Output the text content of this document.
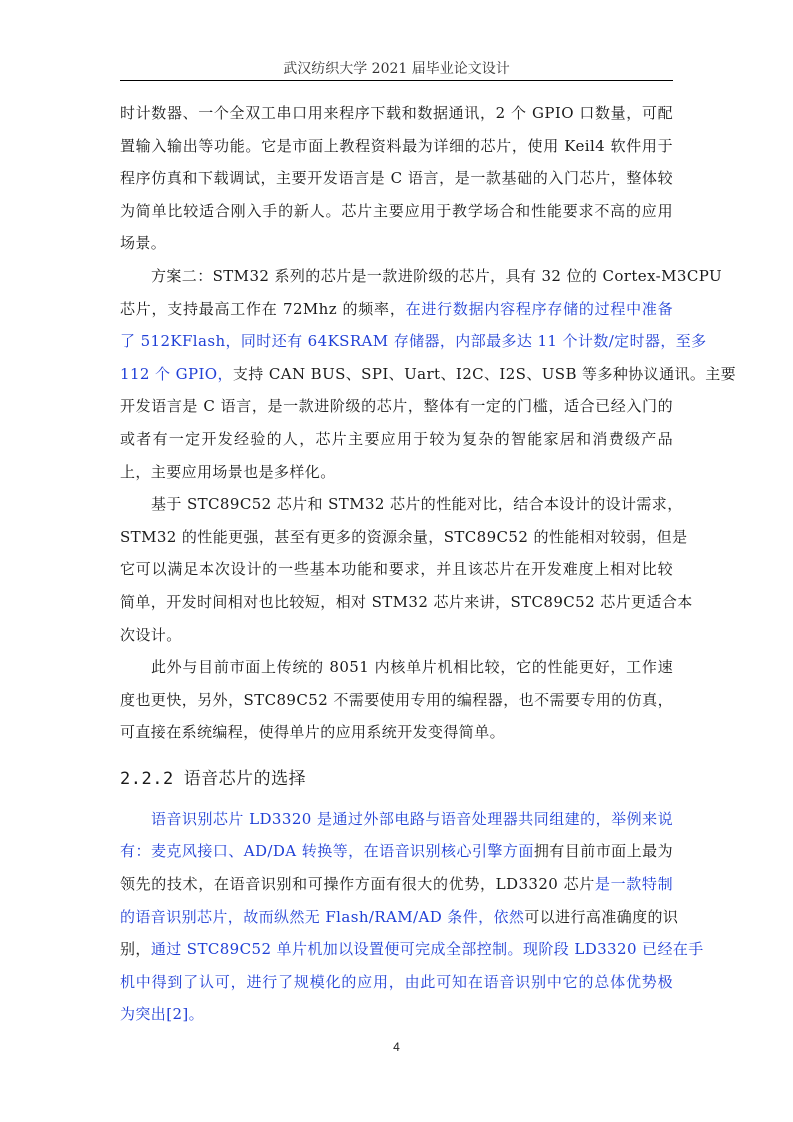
武汉纺织大学 2021 届毕业论文设计
时计数器、一个全双工串口用来程序下载和数据通讯，2 个 GPIO 口数量，可配
置输入输出等功能。它是市面上教程资料最为详细的芯片，使用 Keil4 软件用于
程序仿真和下载调试，主要开发语言是 C 语言，是一款基础的入门芯片，整体较
为简单比较适合刚入手的新人。芯片主要应用于教学场合和性能要求不高的应用
场景。
方案二：STM32 系列的芯片是一款进阶级的芯片，具有 32 位的 Cortex-M3CPU
芯片，支持最高工作在 72Mhz 的频率，在进行数据内容程序存储的过程中准备
了 512KFlash，同时还有 64KSRAM 存储器，内部最多达 11 个计数/定时器，至多
112 个 GPIO，支持 CAN BUS、SPI、Uart、I2C、I2S、USB 等多种协议通讯。主要
开发语言是 C 语言，是一款进阶级的芯片，整体有一定的门槛，适合已经入门的
或者有一定开发经验的人，芯片主要应用于较为复杂的智能家居和消费级产品
上，主要应用场景也是多样化。
基于 STC89C52 芯片和 STM32 芯片的性能对比，结合本设计的设计需求，
STM32 的性能更强，甚至有更多的资源余量，STC89C52 的性能相对较弱，但是
它可以满足本次设计的一些基本功能和要求，并且该芯片在开发难度上相对比较
简单，开发时间相对也比较短，相对 STM32 芯片来讲，STC89C52 芯片更适合本
次设计。
此外与目前市面上传统的 8051 内核单片机相比较，它的性能更好，工作速
度也更快，另外，STC89C52 不需要使用专用的编程器，也不需要专用的仿真，
可直接在系统编程，使得单片的应用系统开发变得简单。
2.2.2 语音芯片的选择
语音识别芯片 LD3320 是通过外部电路与语音处理器共同组建的，举例来说
有：麦克风接口、AD/DA 转换等，在语音识别核心引擎方面拥有目前市面上最为
领先的技术，在语音识别和可操作方面有很大的优势，LD3320 芯片是一款特制
的语音识别芯片，故而纵然无 Flash/RAM/AD 条件，依然可以进行高准确度的识
别，通过 STC89C52 单片机加以设置便可完成全部控制。现阶段 LD3320 已经在手
机中得到了认可，进行了规模化的应用，由此可知在语音识别中它的总体优势极
为突出[2]。
4
